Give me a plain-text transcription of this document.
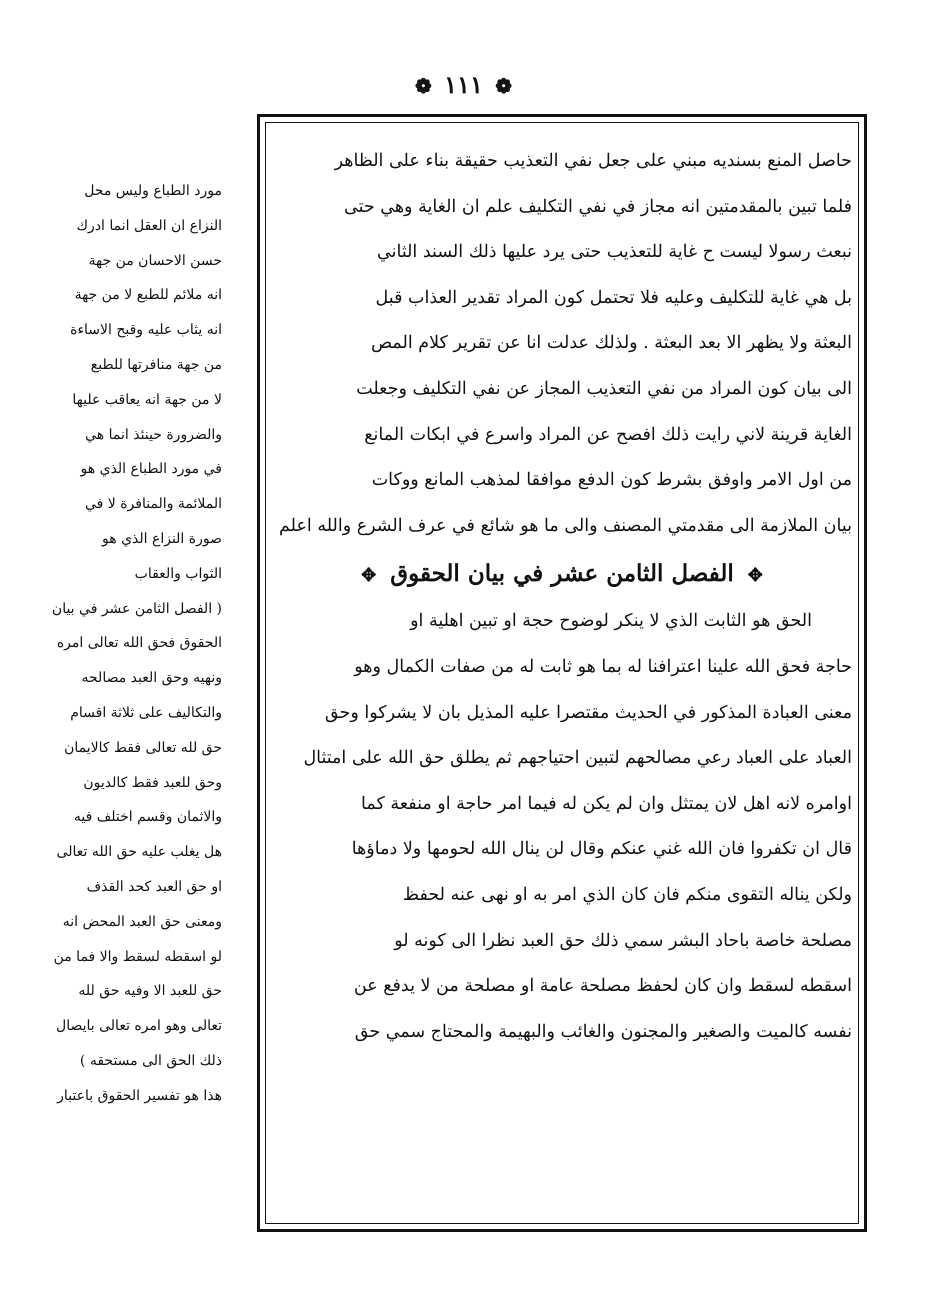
❁ ١١١ ❁
مورد الطباع وليس محل
النزاع ان العقل انما ادرك
حسن الاحسان من جهة
انه ملائم للطبع لا من جهة
انه يثاب عليه وقبح الاساءة
من جهة منافرتها للطبع
لا من جهة انه يعاقب عليها
والضرورة حينئذ انما هي
في مورد الطباع الذي هو
الملائمة والمنافرة لا في
صورة النزاع الذي هو
الثواب والعقاب
( الفصل الثامن عشر في بيان
الحقوق فحق الله تعالى امره
ونهيه وحق العبد مصالحه
والتكاليف على ثلاثة اقسام
حق لله تعالى فقط كالايمان
وحق للعبد فقط كالديون
والاثمان وقسم اختلف فيه
هل يغلب عليه حق الله تعالى
او حق العبد كحد القذف
ومعنى حق العبد المحض انه
لو اسقطه لسقط والا فما من
حق للعبد الا وفيه حق لله
تعالى وهو امره تعالى بايصال
ذلك الحق الى مستحقه )
هذا هو تفسير الحقوق باعتبار
حاصل المنع بسنديه مبني على جعل نفي التعذيب حقيقة بناء على الظاهر
فلما تبين بالمقدمتين انه مجاز في نفي التكليف علم ان الغاية وهي حتى
نبعث رسولا ليست ح غاية للتعذيب حتى يرد عليها ذلك السند الثاني
بل هي غاية للتكليف وعليه فلا تحتمل كون المراد تقدير العذاب قبل
البعثة ولا يظهر الا بعد البعثة . ولذلك عدلت انا عن تقرير كلام المص
الى بيان كون المراد من نفي التعذيب المجاز عن نفي التكليف وجعلت
الغاية قرينة لاني رايت ذلك افصح عن المراد واسرع في ابكات المانع
من اول الامر واوفق بشرط كون الدفع موافقا لمذهب المانع ووكات
بيان الملازمة الى مقدمتي المصنف والى ما هو شائع في عرف الشرع والله اعلم
✥ الفصل الثامن عشر في بيان الحقوق ✥
الحق هو الثابت الذي لا ينكر لوضوح حجة او تبين اهلية او
حاجة فحق الله علينا اعترافنا له بما هو ثابت له من صفات الكمال وهو
معنى العبادة المذكور في الحديث مقتصرا عليه المذيل بان لا يشركوا وحق
العباد على العباد رعي مصالحهم لتبين احتياجهم ثم يطلق حق الله على امتثال
اوامره لانه اهل لان يمتثل وان لم يكن له فيما امر حاجة او منفعة كما
قال ان تكفروا فان الله غني عنكم وقال لن ينال الله لحومها ولا دماؤها
ولكن يناله التقوى منكم فان كان الذي امر به او نهى عنه لحفظ
مصلحة خاصة باحاد البشر سمي ذلك حق العبد نظرا الى كونه لو
اسقطه لسقط وان كان لحفظ مصلحة عامة او مصلحة من لا يدفع عن
نفسه كالميت والصغير والمجنون والغائب والبهيمة والمحتاج سمي حق
